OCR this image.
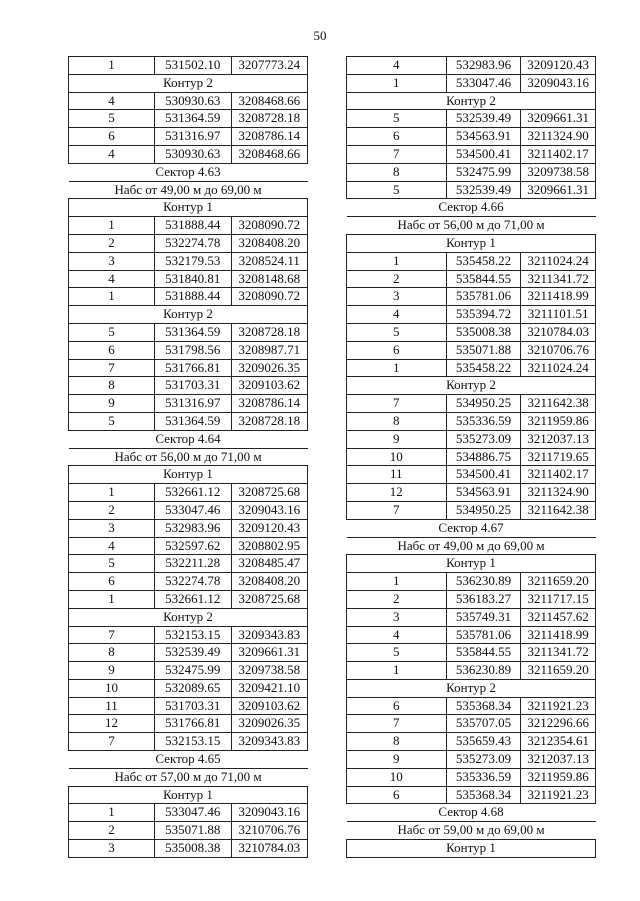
50
1	531502.10	3207773.24
Контур 2		
4	530930.63	3208468.66
5	531364.59	3208728.18
6	531316.97	3208786.14
4	530930.63	3208468.66
Сектор 4.63		
Набс от 49,00 м до 69,00 м		
Контур 1		
1	531888.44	3208090.72
2	532274.78	3208408.20
3	532179.53	3208524.11
4	531840.81	3208148.68
1	531888.44	3208090.72
Контур 2		
5	531364.59	3208728.18
6	531798.56	3208987.71
7	531766.81	3209026.35
8	531703.31	3209103.62
9	531316.97	3208786.14
5	531364.59	3208728.18
Сектор 4.64		
Набс от 56,00 м до 71,00 м		
Контур 1		
1	532661.12	3208725.68
2	533047.46	3209043.16
3	532983.96	3209120.43
4	532597.62	3208802.95
5	532211.28	3208485.47
6	532274.78	3208408.20
1	532661.12	3208725.68
Контур 2		
7	532153.15	3209343.83
8	532539.49	3209661.31
9	532475.99	3209738.58
10	532089.65	3209421.10
11	531703.31	3209103.62
12	531766.81	3209026.35
7	532153.15	3209343.83
Сектор 4.65		
Набс от 57,00 м до 71,00 м		
Контур 1		
1	533047.46	3209043.16
2	535071.88	3210706.76
3	535008.38	3210784.03
4	532983.96	3209120.43
1	533047.46	3209043.16
Контур 2		
5	532539.49	3209661.31
6	534563.91	3211324.90
7	534500.41	3211402.17
8	532475.99	3209738.58
5	532539.49	3209661.31
Сектор 4.66		
Набс от 56,00 м до 71,00 м		
Контур 1		
1	535458.22	3211024.24
2	535844.55	3211341.72
3	535781.06	3211418.99
4	535394.72	3211101.51
5	535008.38	3210784.03
6	535071.88	3210706.76
1	535458.22	3211024.24
Контур 2		
7	534950.25	3211642.38
8	535336.59	3211959.86
9	535273.09	3212037.13
10	534886.75	3211719.65
11	534500.41	3211402.17
12	534563.91	3211324.90
7	534950.25	3211642.38
Сектор 4.67		
Набс от 49,00 м до 69,00 м		
Контур 1		
1	536230.89	3211659.20
2	536183.27	3211717.15
3	535749.31	3211457.62
4	535781.06	3211418.99
5	535844.55	3211341.72
1	536230.89	3211659.20
Контур 2		
6	535368.34	3211921.23
7	535707.05	3212296.66
8	535659.43	3212354.61
9	535273.09	3212037.13
10	535336.59	3211959.86
6	535368.34	3211921.23
Сектор 4.68		
Набс от 59,00 м до 69,00 м		
Контур 1		
